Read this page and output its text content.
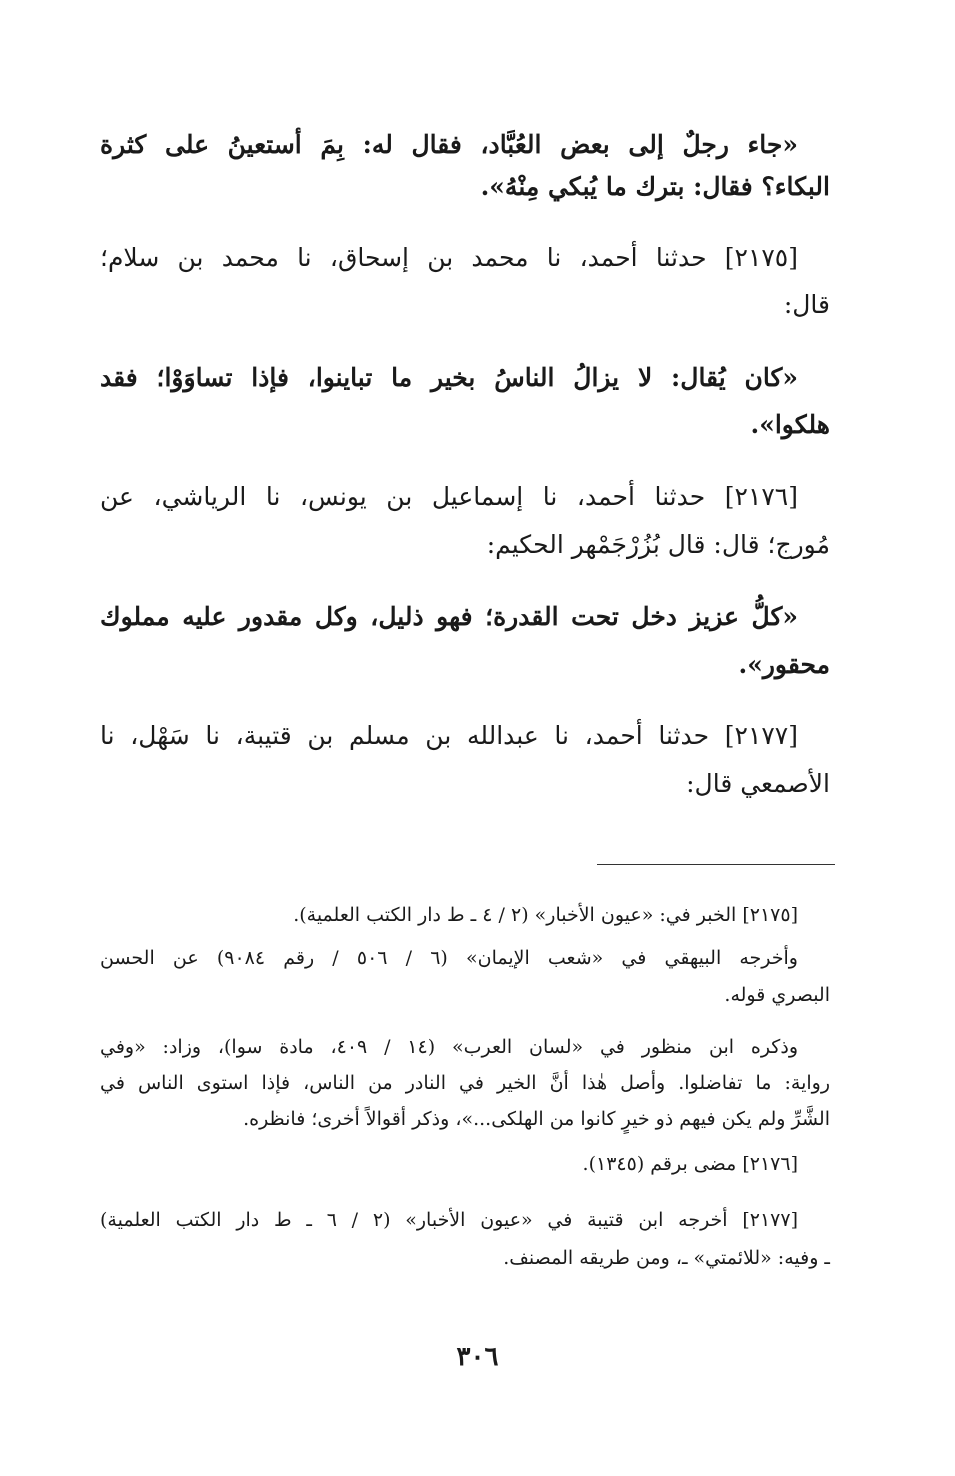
«جاء رجلٌ إلى بعض العُبَّاد، فقال له: بِمَ أستعينُ على كثرة
البكاء؟ فقال: بترك ما يُبكي مِنْهُ».
[٢١٧٥] حدثنا أحمد، نا محمد بن إسحاق، نا محمد بن سلام؛
قال:
«كان يُقال: لا يزالُ الناسُ بخير ما تباينوا، فإذا تساوَوْا؛ فقد
هلكوا».
[٢١٧٦] حدثنا أحمد، نا إسماعيل بن يونس، نا الرياشي، عن
مُورج؛ قال: قال بُزُرْجَمْهر الحكيم:
«كلُّ عزيز دخل تحت القدرة؛ فهو ذليل، وكل مقدور عليه مملوك
محقور».
[٢١٧٧] حدثنا أحمد، نا عبدالله بن مسلم بن قتيبة، نا سَهْل، نا
الأصمعي قال:
[٢١٧٥] الخبر في: «عيون الأخبار» (٢ / ٤ ـ ط دار الكتب العلمية).
وأخرجه البيهقي في «شعب الإيمان» (٦ / ٥٠٦ / رقم ٩٠٨٤) عن الحسن
البصري قوله.
وذكره ابن منظور في «لسان العرب» (١٤ / ٤٠٩، مادة سوا)، وزاد: «وفي
رواية: ما تفاضلوا. وأصل هٰذا أنَّ الخير في النادر من الناس، فإذا استوى الناس في
الشَّرِّ ولم يكن فيهم ذو خيرٍ كانوا من الهلكى...»، وذكر أقوالاً أخرى؛ فانظره.
[٢١٧٦] مضى برقم (١٣٤٥).
[٢١٧٧] أخرجه ابن قتيبة في «عيون الأخبار» (٢ / ٦ ـ ط دار الكتب العلمية)
ـ وفيه: «للائمتي» ـ، ومن طريقه المصنف.
٣٠٦
